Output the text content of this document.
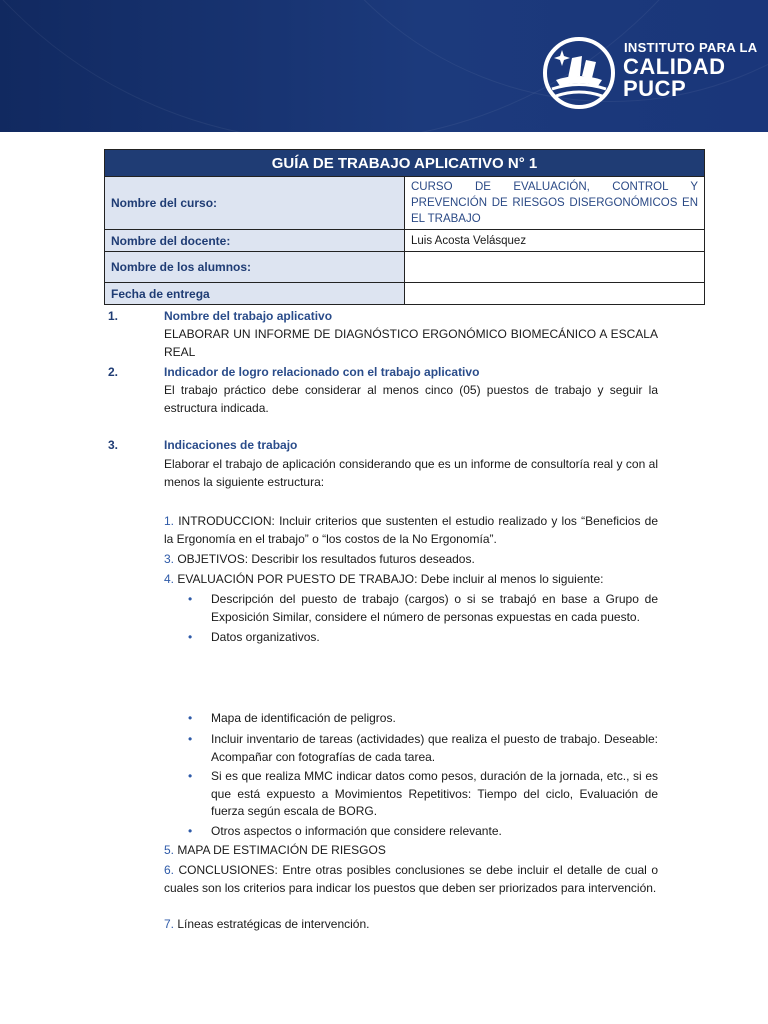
INSTITUTO PARA LA
CALIDAD
PUCP
GUÍA DE TRABAJO APLICATIVO N° 1	
Nombre del curso:	CURSO DE EVALUACIÓN, CONTROL Y PREVENCIÓN DE RIESGOS DISERGONÓMICOS EN EL TRABAJO
Nombre del docente:	Luis Acosta Velásquez
Nombre de los alumnos:	
Fecha de entrega	
1.	Nombre del trabajo aplicativo
ELABORAR UN INFORME DE DIAGNÓSTICO ERGONÓMICO BIOMECÁNICO A ESCALA REAL
2.	Indicador de logro relacionado con el trabajo aplicativo
El trabajo práctico debe considerar al menos cinco (05) puestos de trabajo y seguir la estructura indicada.
3.	Indicaciones de trabajo
Elaborar el trabajo de aplicación considerando que es un informe de consultoría real y con al menos la siguiente estructura:
1. INTRODUCCION: Incluir criterios que sustenten el estudio realizado y los “Beneficios de la Ergonomía en el trabajo” o “los costos de la No Ergonomía”.
3. OBJETIVOS: Describir los resultados futuros deseados.
4. EVALUACIÓN POR PUESTO DE TRABAJO: Debe incluir al menos lo siguiente:
• Descripción del puesto de trabajo (cargos) o si se trabajó en base a Grupo de Exposición Similar, considere el número de personas expuestas en cada puesto.
• Datos organizativos.
• Mapa de identificación de peligros.
• Incluir inventario de tareas (actividades) que realiza el puesto de trabajo. Deseable: Acompañar con fotografías de cada tarea.
• Si es que realiza MMC indicar datos como pesos, duración de la jornada, etc., si es que está expuesto a Movimientos Repetitivos: Tiempo del ciclo, Evaluación de fuerza según escala de BORG.
• Otros aspectos o información que considere relevante.
5. MAPA DE ESTIMACIÓN DE RIESGOS
6. CONCLUSIONES: Entre otras posibles conclusiones se debe incluir el detalle de cual o cuales son los criterios para indicar los puestos que deben ser priorizados para intervención.
7. Líneas estratégicas de intervención.
